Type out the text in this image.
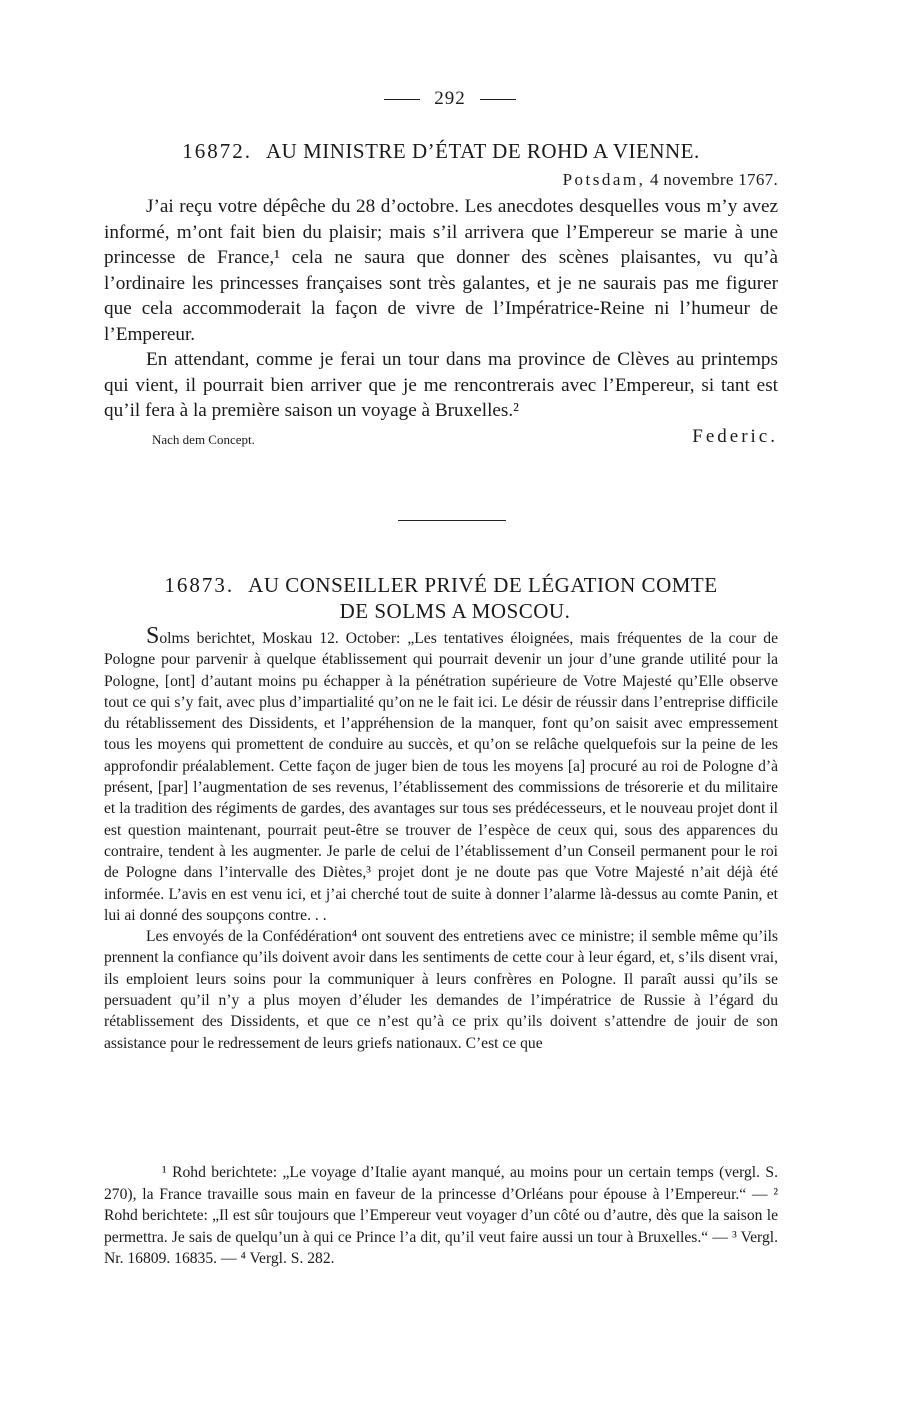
292
16872. AU MINISTRE D’ÉTAT DE ROHD A VIENNE.
Potsdam, 4 novembre 1767.

J’ai reçu votre dépêche du 28 d’octobre. Les anecdotes desquelles vous m’y avez informé, m’ont fait bien du plaisir; mais s’il arrivera que l’Empereur se marie à une princesse de France,¹ cela ne saura que donner des scènes plaisantes, vu qu’à l’ordinaire les princesses françaises sont très galantes, et je ne saurais pas me figurer que cela accommoderait la façon de vivre de l’Impératrice-Reine ni l’humeur de l’Empereur.

En attendant, comme je ferai un tour dans ma province de Clèves au printemps qui vient, il pourrait bien arriver que je me rencontrerais avec l’Empereur, si tant est qu’il fera à la première saison un voyage à Bruxelles.²

Nach dem Concept.	Federic.
16873. AU CONSEILLER PRIVÉ DE LÉGATION COMTE
DE SOLMS A MOSCOU.

Solms berichtet, Moskau 12. October: „Les tentatives éloignées, mais fréquentes de la cour de Pologne pour parvenir à quelque établissement qui pourrait devenir un jour d’une grande utilité pour la Pologne, [ont] d’autant moins pu échapper à la pénétration supérieure de Votre Majesté qu’Elle observe tout ce qui s’y fait, avec plus d’impartialité qu’on ne le fait ici. Le désir de réussir dans l’entreprise difficile du rétablissement des Dissidents, et l’appréhension de la manquer, font qu’on saisit avec empressement tous les moyens qui promettent de conduire au succès, et qu’on se relâche quelquefois sur la peine de les approfondir préalablement. Cette façon de juger bien de tous les moyens [a] procuré au roi de Pologne d’à présent, [par] l’augmentation de ses revenus, l’établissement des commissions de trésorerie et du militaire et la tradition des régiments de gardes, des avantages sur tous ses prédécesseurs, et le nouveau projet dont il est question maintenant, pourrait peut-être se trouver de l’espèce de ceux qui, sous des apparences du contraire, tendent à les augmenter. Je parle de celui de l’établissement d’un Conseil permanent pour le roi de Pologne dans l’intervalle des Diètes,³ projet dont je ne doute pas que Votre Majesté n’ait déjà été informée. L’avis en est venu ici, et j’ai cherché tout de suite à donner l’alarme là-dessus au comte Panin, et lui ai donné des soupçons contre. . .

Les envoyés de la Confédération⁴ ont souvent des entretiens avec ce ministre; il semble même qu’ils prennent la confiance qu’ils doivent avoir dans les sentiments de cette cour à leur égard, et, s’ils disent vrai, ils emploient leurs soins pour la communiquer à leurs confrères en Pologne. Il paraît aussi qu’ils se persuadent qu’il n’y a plus moyen d’éluder les demandes de l’impératrice de Russie à l’égard du rétablissement des Dissidents, et que ce n’est qu’à ce prix qu’ils doivent s’attendre de jouir de son assistance pour le redressement de leurs griefs nationaux. C’est ce que

¹ Rohd berichtete: „Le voyage d’Italie ayant manqué, au moins pour un certain temps (vergl. S. 270), la France travaille sous main en faveur de la princesse d’Orléans pour épouse à l’Empereur.“ — ² Rohd berichtete: „Il est sûr toujours que l’Empereur veut voyager d’un côté ou d’autre, dès que la saison le permettra. Je sais de quelqu’un à qui ce Prince l’a dit, qu’il veut faire aussi un tour à Bruxelles.“ — ³ Vergl. Nr. 16809. 16835. — ⁴ Vergl. S. 282.
